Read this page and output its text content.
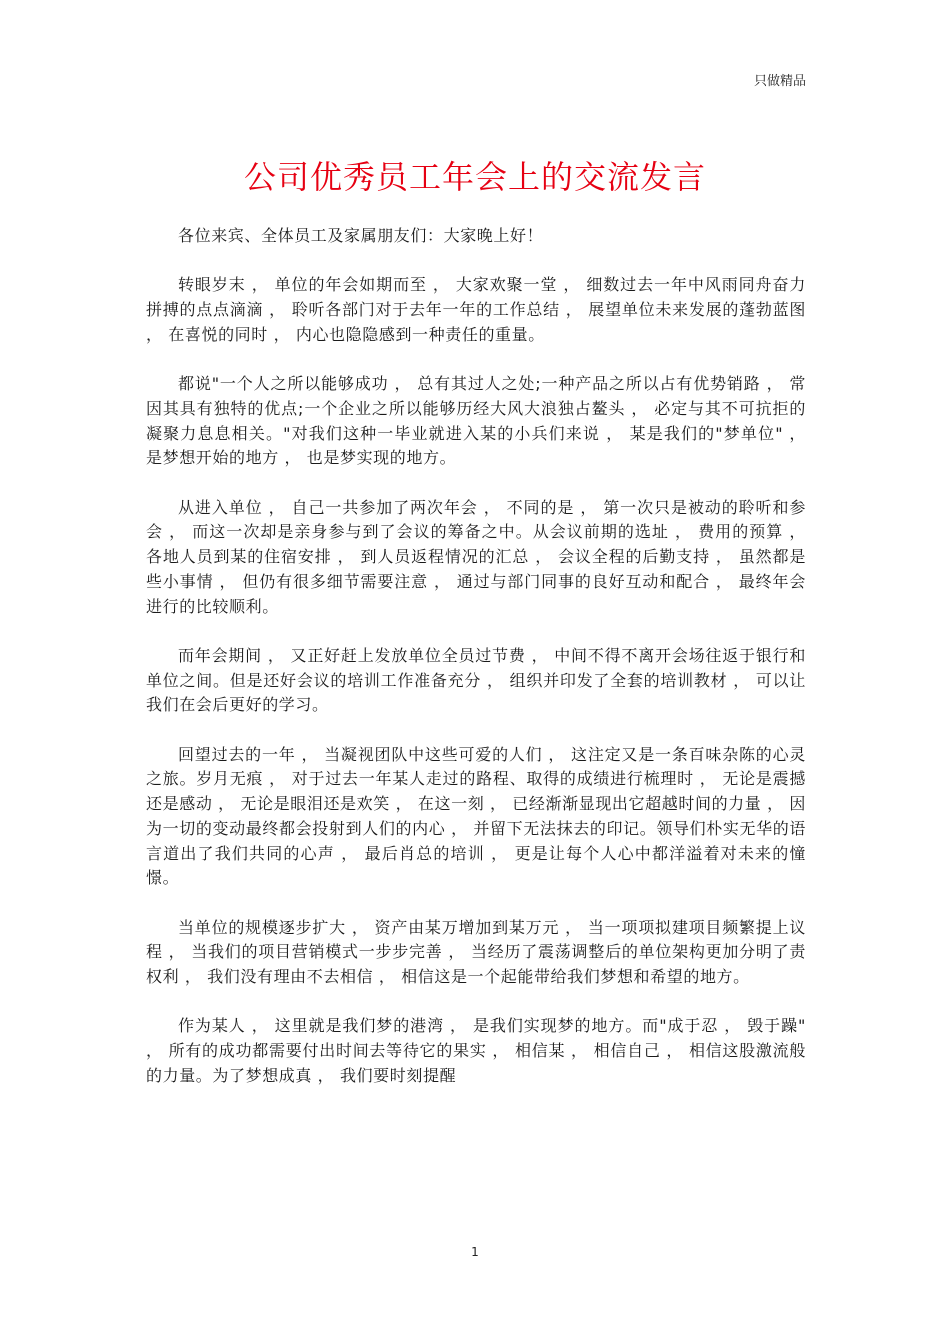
只做精品
公司优秀员工年会上的交流发言

各位来宾、全体员工及家属朋友们：大家晚上好！

转眼岁末 ， 单位的年会如期而至 ， 大家欢聚一堂 ， 细数过去一年中风雨同舟奋力拼搏的点点滴滴 ， 聆听各部门对于去年一年的工作总结 ， 展望单位未来发展的蓬勃蓝图 ， 在喜悦的同时 ， 内心也隐隐感到一种责任的重量。

都说"一个人之所以能够成功 ， 总有其过人之处;一种产品之所以占有优势销路 ， 常因其具有独特的优点;一个企业之所以能够历经大风大浪独占鳌头 ， 必定与其不可抗拒的凝聚力息息相关。"对我们这种一毕业就进入某的小兵们来说 ， 某是我们的"梦单位" ， 是梦想开始的地方 ， 也是梦实现的地方。

从进入单位 ， 自己一共参加了两次年会 ， 不同的是 ， 第一次只是被动的聆听和参会 ， 而这一次却是亲身参与到了会议的筹备之中。从会议前期的选址 ， 费用的预算 ， 各地人员到某的住宿安排 ， 到人员返程情况的汇总 ， 会议全程的后勤支持 ， 虽然都是些小事情 ， 但仍有很多细节需要注意 ， 通过与部门同事的良好互动和配合 ， 最终年会进行的比较顺利。

而年会期间 ， 又正好赶上发放单位全员过节费 ， 中间不得不离开会场往返于银行和单位之间。但是还好会议的培训工作准备充分 ， 组织并印发了全套的培训教材 ， 可以让我们在会后更好的学习。

回望过去的一年 ， 当凝视团队中这些可爱的人们 ， 这注定又是一条百味杂陈的心灵之旅。岁月无痕 ， 对于过去一年某人走过的路程、取得的成绩进行梳理时 ， 无论是震撼还是感动 ， 无论是眼泪还是欢笑 ， 在这一刻 ， 已经渐渐显现出它超越时间的力量 ， 因为一切的变动最终都会投射到人们的内心 ， 并留下无法抹去的印记。领导们朴实无华的语言道出了我们共同的心声 ， 最后肖总的培训 ， 更是让每个人心中都洋溢着对未来的憧憬。

当单位的规模逐步扩大 ， 资产由某万增加到某万元 ， 当一项项拟建项目频繁提上议程 ， 当我们的项目营销模式一步步完善 ， 当经历了震荡调整后的单位架构更加分明了责权利 ， 我们没有理由不去相信 ， 相信这是一个起能带给我们梦想和希望的地方。

作为某人 ， 这里就是我们梦的港湾 ， 是我们实现梦的地方。而"成于忍 ， 毁于躁" ， 所有的成功都需要付出时间去等待它的果实 ， 相信某 ， 相信自己 ， 相信这股激流般的力量。为了梦想成真 ， 我们要时刻提醒

1
